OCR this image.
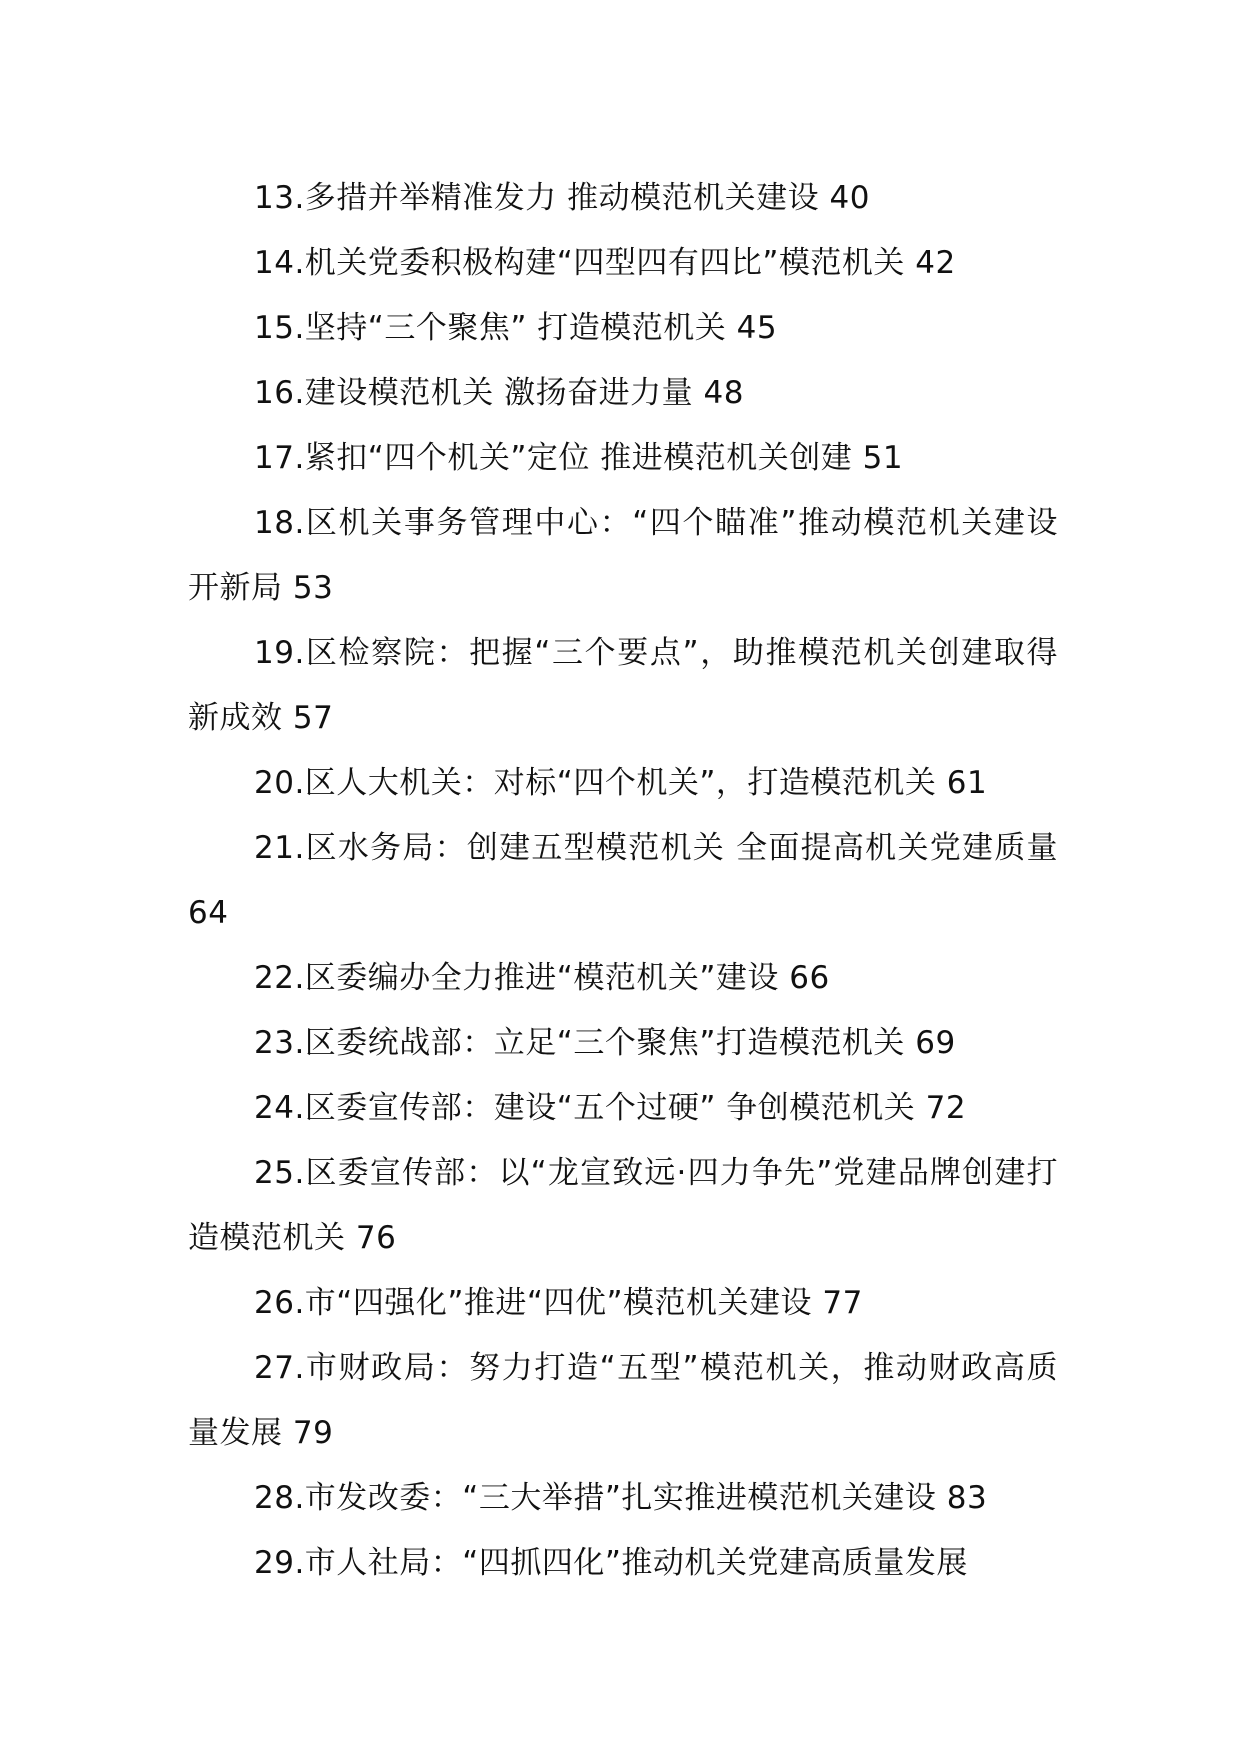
13.多措并举精准发力 推动模范机关建设 40
14.机关党委积极构建“四型四有四比”模范机关 42
15.坚持“三个聚焦” 打造模范机关 45
16.建设模范机关 激扬奋进力量 48
17.紧扣“四个机关”定位 推进模范机关创建 51
18.区机关事务管理中心：“四个瞄准”推动模范机关建设开新局 53
19.区检察院：把握“三个要点”，助推模范机关创建取得新成效 57
20.区人大机关：对标“四个机关”，打造模范机关 61
21.区水务局：创建五型模范机关 全面提高机关党建质量 64
22.区委编办全力推进“模范机关”建设 66
23.区委统战部：立足“三个聚焦”打造模范机关 69
24.区委宣传部：建设“五个过硬” 争创模范机关 72
25.区委宣传部：以“龙宣致远·四力争先”党建品牌创建打造模范机关 76
26.市“四强化”推进“四优”模范机关建设 77
27.市财政局：努力打造“五型”模范机关，推动财政高质量发展 79
28.市发改委：“三大举措”扎实推进模范机关建设 83
29.市人社局：“四抓四化”推动机关党建高质量发展
